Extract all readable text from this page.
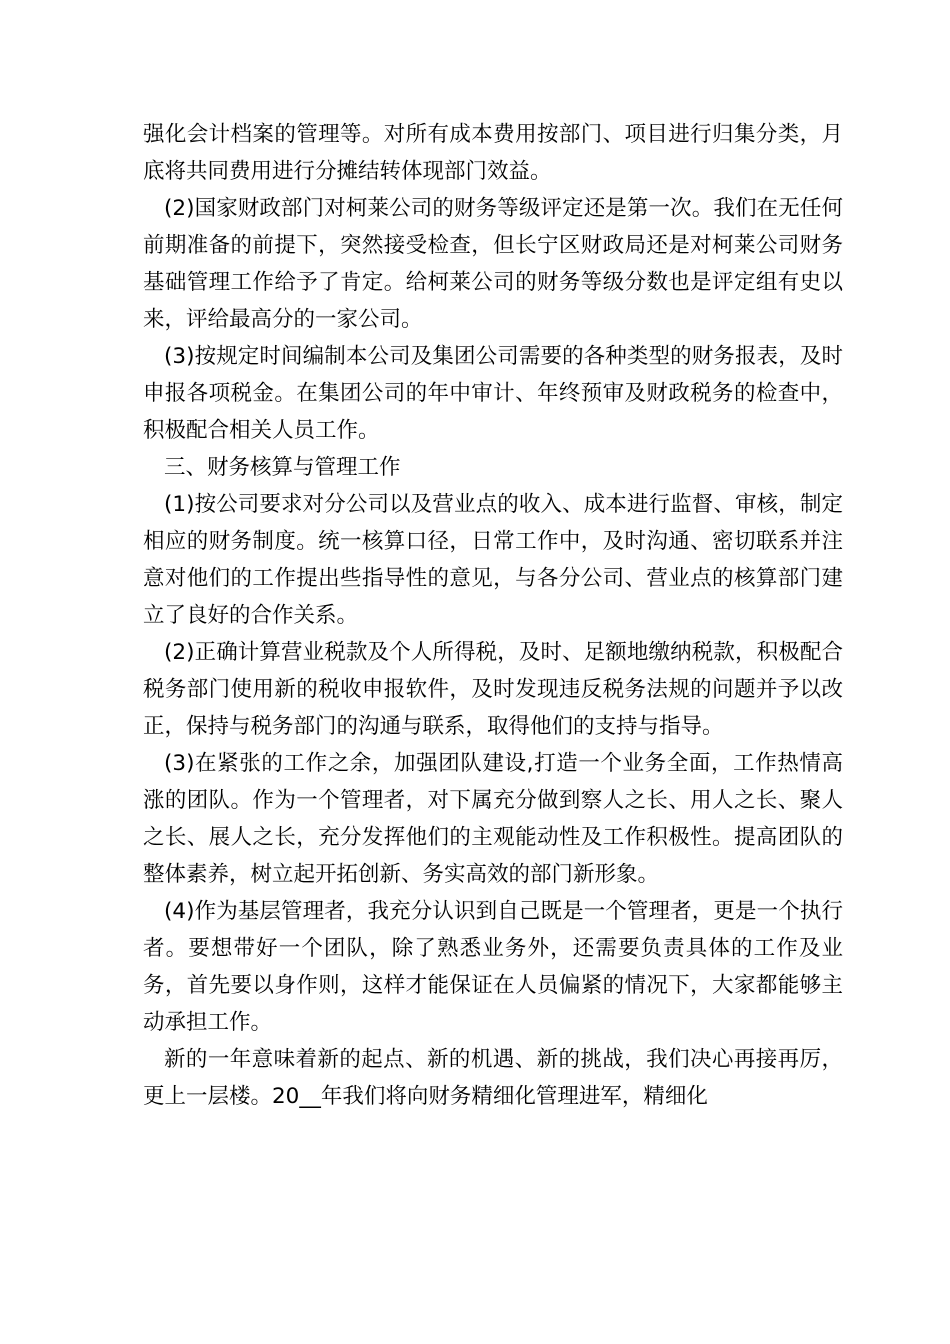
强化会计档案的管理等。对所有成本费用按部门、项目进行归集分类，月底将共同费用进行分摊结转体现部门效益。

(2)国家财政部门对柯莱公司的财务等级评定还是第一次。我们在无任何前期准备的前提下，突然接受检查，但长宁区财政局还是对柯莱公司财务基础管理工作给予了肯定。给柯莱公司的财务等级分数也是评定组有史以来，评给最高分的一家公司。

(3)按规定时间编制本公司及集团公司需要的各种类型的财务报表，及时申报各项税金。在集团公司的年中审计、年终预审及财政税务的检查中，积极配合相关人员工作。

三、财务核算与管理工作

(1)按公司要求对分公司以及营业点的收入、成本进行监督、审核，制定相应的财务制度。统一核算口径，日常工作中，及时沟通、密切联系并注意对他们的工作提出些指导性的意见，与各分公司、营业点的核算部门建立了良好的合作关系。

(2)正确计算营业税款及个人所得税，及时、足额地缴纳税款，积极配合税务部门使用新的税收申报软件，及时发现违反税务法规的问题并予以改正，保持与税务部门的沟通与联系，取得他们的支持与指导。

(3)在紧张的工作之余，加强团队建设,打造一个业务全面，工作热情高涨的团队。作为一个管理者，对下属充分做到察人之长、用人之长、聚人之长、展人之长，充分发挥他们的主观能动性及工作积极性。提高团队的整体素养，树立起开拓创新、务实高效的部门新形象。

(4)作为基层管理者，我充分认识到自己既是一个管理者，更是一个执行者。要想带好一个团队，除了熟悉业务外，还需要负责具体的工作及业务，首先要以身作则，这样才能保证在人员偏紧的情况下，大家都能够主动承担工作。

新的一年意味着新的起点、新的机遇、新的挑战，我们决心再接再厉，更上一层楼。20__年我们将向财务精细化管理进军，精细化
